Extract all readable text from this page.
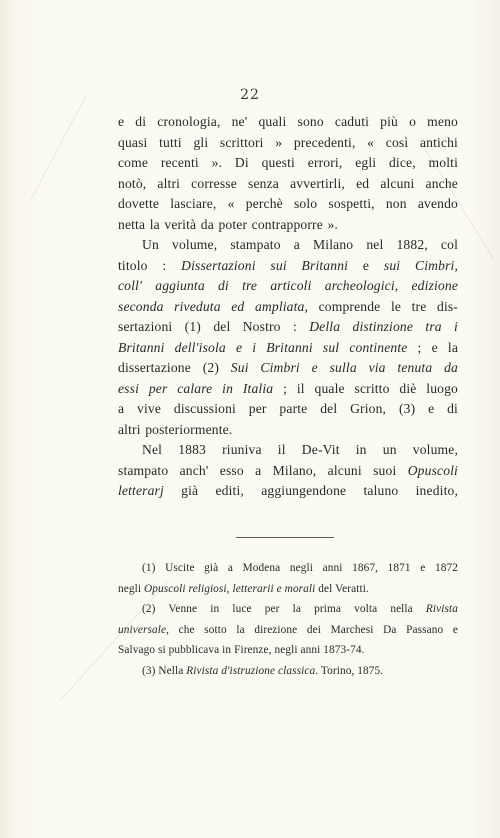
22
e di cronologia, ne' quali sono caduti più o meno
quasi tutti gli scrittori » precedenti, « così antichi
come recenti ». Di questi errori, egli dice, molti
notò, altri corresse senza avvertirli, ed alcuni anche
dovette lasciare, « perchè solo sospetti, non avendo
netta la verità da poter contrapporre ».
Un volume, stampato a Milano nel 1882, col
titolo : Dissertazioni sui Britanni e sui Cimbri,
coll' aggiunta di tre articoli archeologici, edizione
seconda riveduta ed ampliata, comprende le tre dis-
sertazioni (1) del Nostro : Della distinzione tra i
Britanni dell'isola e i Britanni sul continente ; e la
dissertazione (2) Sui Cimbri e sulla via tenuta da
essi per calare in Italia ; il quale scritto diè luogo
a vive discussioni per parte del Grion, (3) e di
altri posteriormente.
Nel 1883 riuniva il De-Vit in un volume,
stampato anch' esso a Milano, alcuni suoi Opuscoli
letterarj già editi, aggiungendone taluno inedito,
(1) Uscite già a Modena negli anni 1867, 1871 e 1872
negli Opuscoli religiosi, letterarii e morali del Veratti.
(2) Venne in luce per la prima volta nella Rivista
universale, che sotto la direzione dei Marchesi Da Passano e
Salvago si pubblicava in Firenze, negli anni 1873-74.
(3) Nella Rivista d'istruzione classica. Torino, 1875.
